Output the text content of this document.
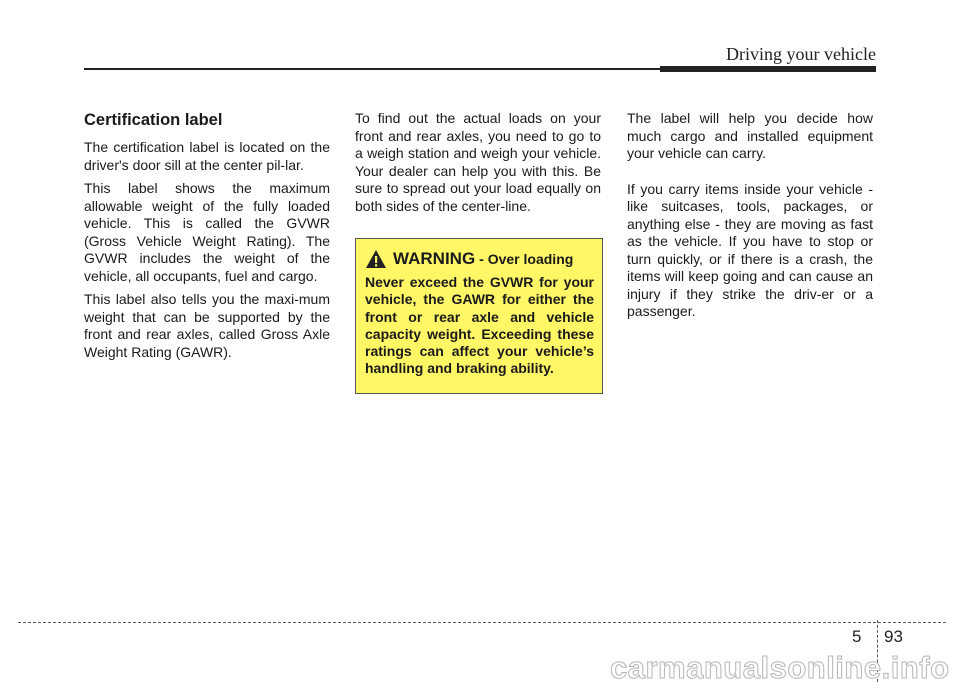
Driving your vehicle
Certification label

The certification label is located on the driver's door sill at the center pil-lar.

This label shows the maximum allowable weight of the fully loaded vehicle. This is called the GVWR (Gross Vehicle Weight Rating). The GVWR includes the weight of the vehicle, all occupants, fuel and cargo.

This label also tells you the maxi-mum weight that can be supported by the front and rear axles, called Gross Axle Weight Rating (GAWR).

To find out the actual loads on your front and rear axles, you need to go to a weigh station and weigh your vehicle. Your dealer can help you with this. Be sure to spread out your load equally on both sides of the center-line.

WARNING - Over loading

Never exceed the GVWR for your vehicle, the GAWR for either the front or rear axle and vehicle capacity weight. Exceeding these ratings can affect your vehicle’s handling and braking ability.

The label will help you decide how much cargo and installed equipment your vehicle can carry.

If you carry items inside your vehicle - like suitcases, tools, packages, or anything else - they are moving as fast as the vehicle. If you have to stop or turn quickly, or if there is a crash, the items will keep going and can cause an injury if they strike the driv-er or a passenger.

5 93
carmanualsonline.info
